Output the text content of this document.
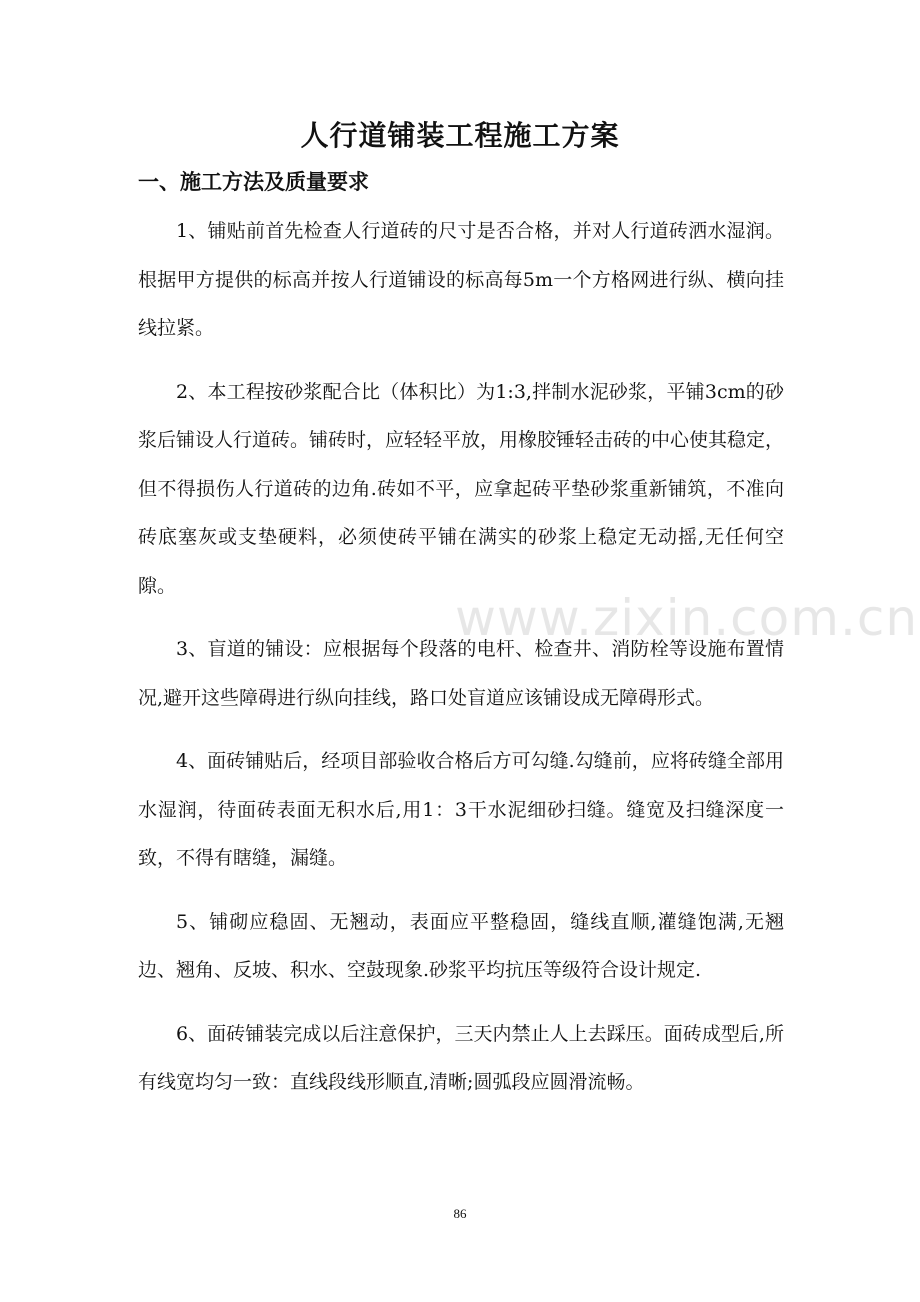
人行道铺装工程施工方案
一、施工方法及质量要求

1、铺贴前首先检查人行道砖的尺寸是否合格，并对人行道砖洒水湿润。根据甲方提供的标高并按人行道铺设的标高每5m一个方格网进行纵、横向挂线拉紧。

2、本工程按砂浆配合比（体积比）为1:3,拌制水泥砂浆，平铺3cm的砂浆后铺设人行道砖。铺砖时，应轻轻平放，用橡胶锤轻击砖的中心使其稳定，但不得损伤人行道砖的边角.砖如不平，应拿起砖平垫砂浆重新铺筑，不准向砖底塞灰或支垫硬料，必须使砖平铺在满实的砂浆上稳定无动摇,无任何空隙。

3、盲道的铺设：应根据每个段落的电杆、检查井、消防栓等设施布置情况,避开这些障碍进行纵向挂线，路口处盲道应该铺设成无障碍形式。

4、面砖铺贴后，经项目部验收合格后方可勾缝.勾缝前，应将砖缝全部用水湿润，待面砖表面无积水后,用1：3干水泥细砂扫缝。缝宽及扫缝深度一致，不得有瞎缝，漏缝。

5、铺砌应稳固、无翘动，表面应平整稳固，缝线直顺,灌缝饱满,无翘边、翘角、反坡、积水、空鼓现象.砂浆平均抗压等级符合设计规定.

6、面砖铺装完成以后注意保护，三天内禁止人上去踩压。面砖成型后,所有线宽均匀一致：直线段线形顺直,清晰;圆弧段应圆滑流畅。

www.zixin.com.cn
86
